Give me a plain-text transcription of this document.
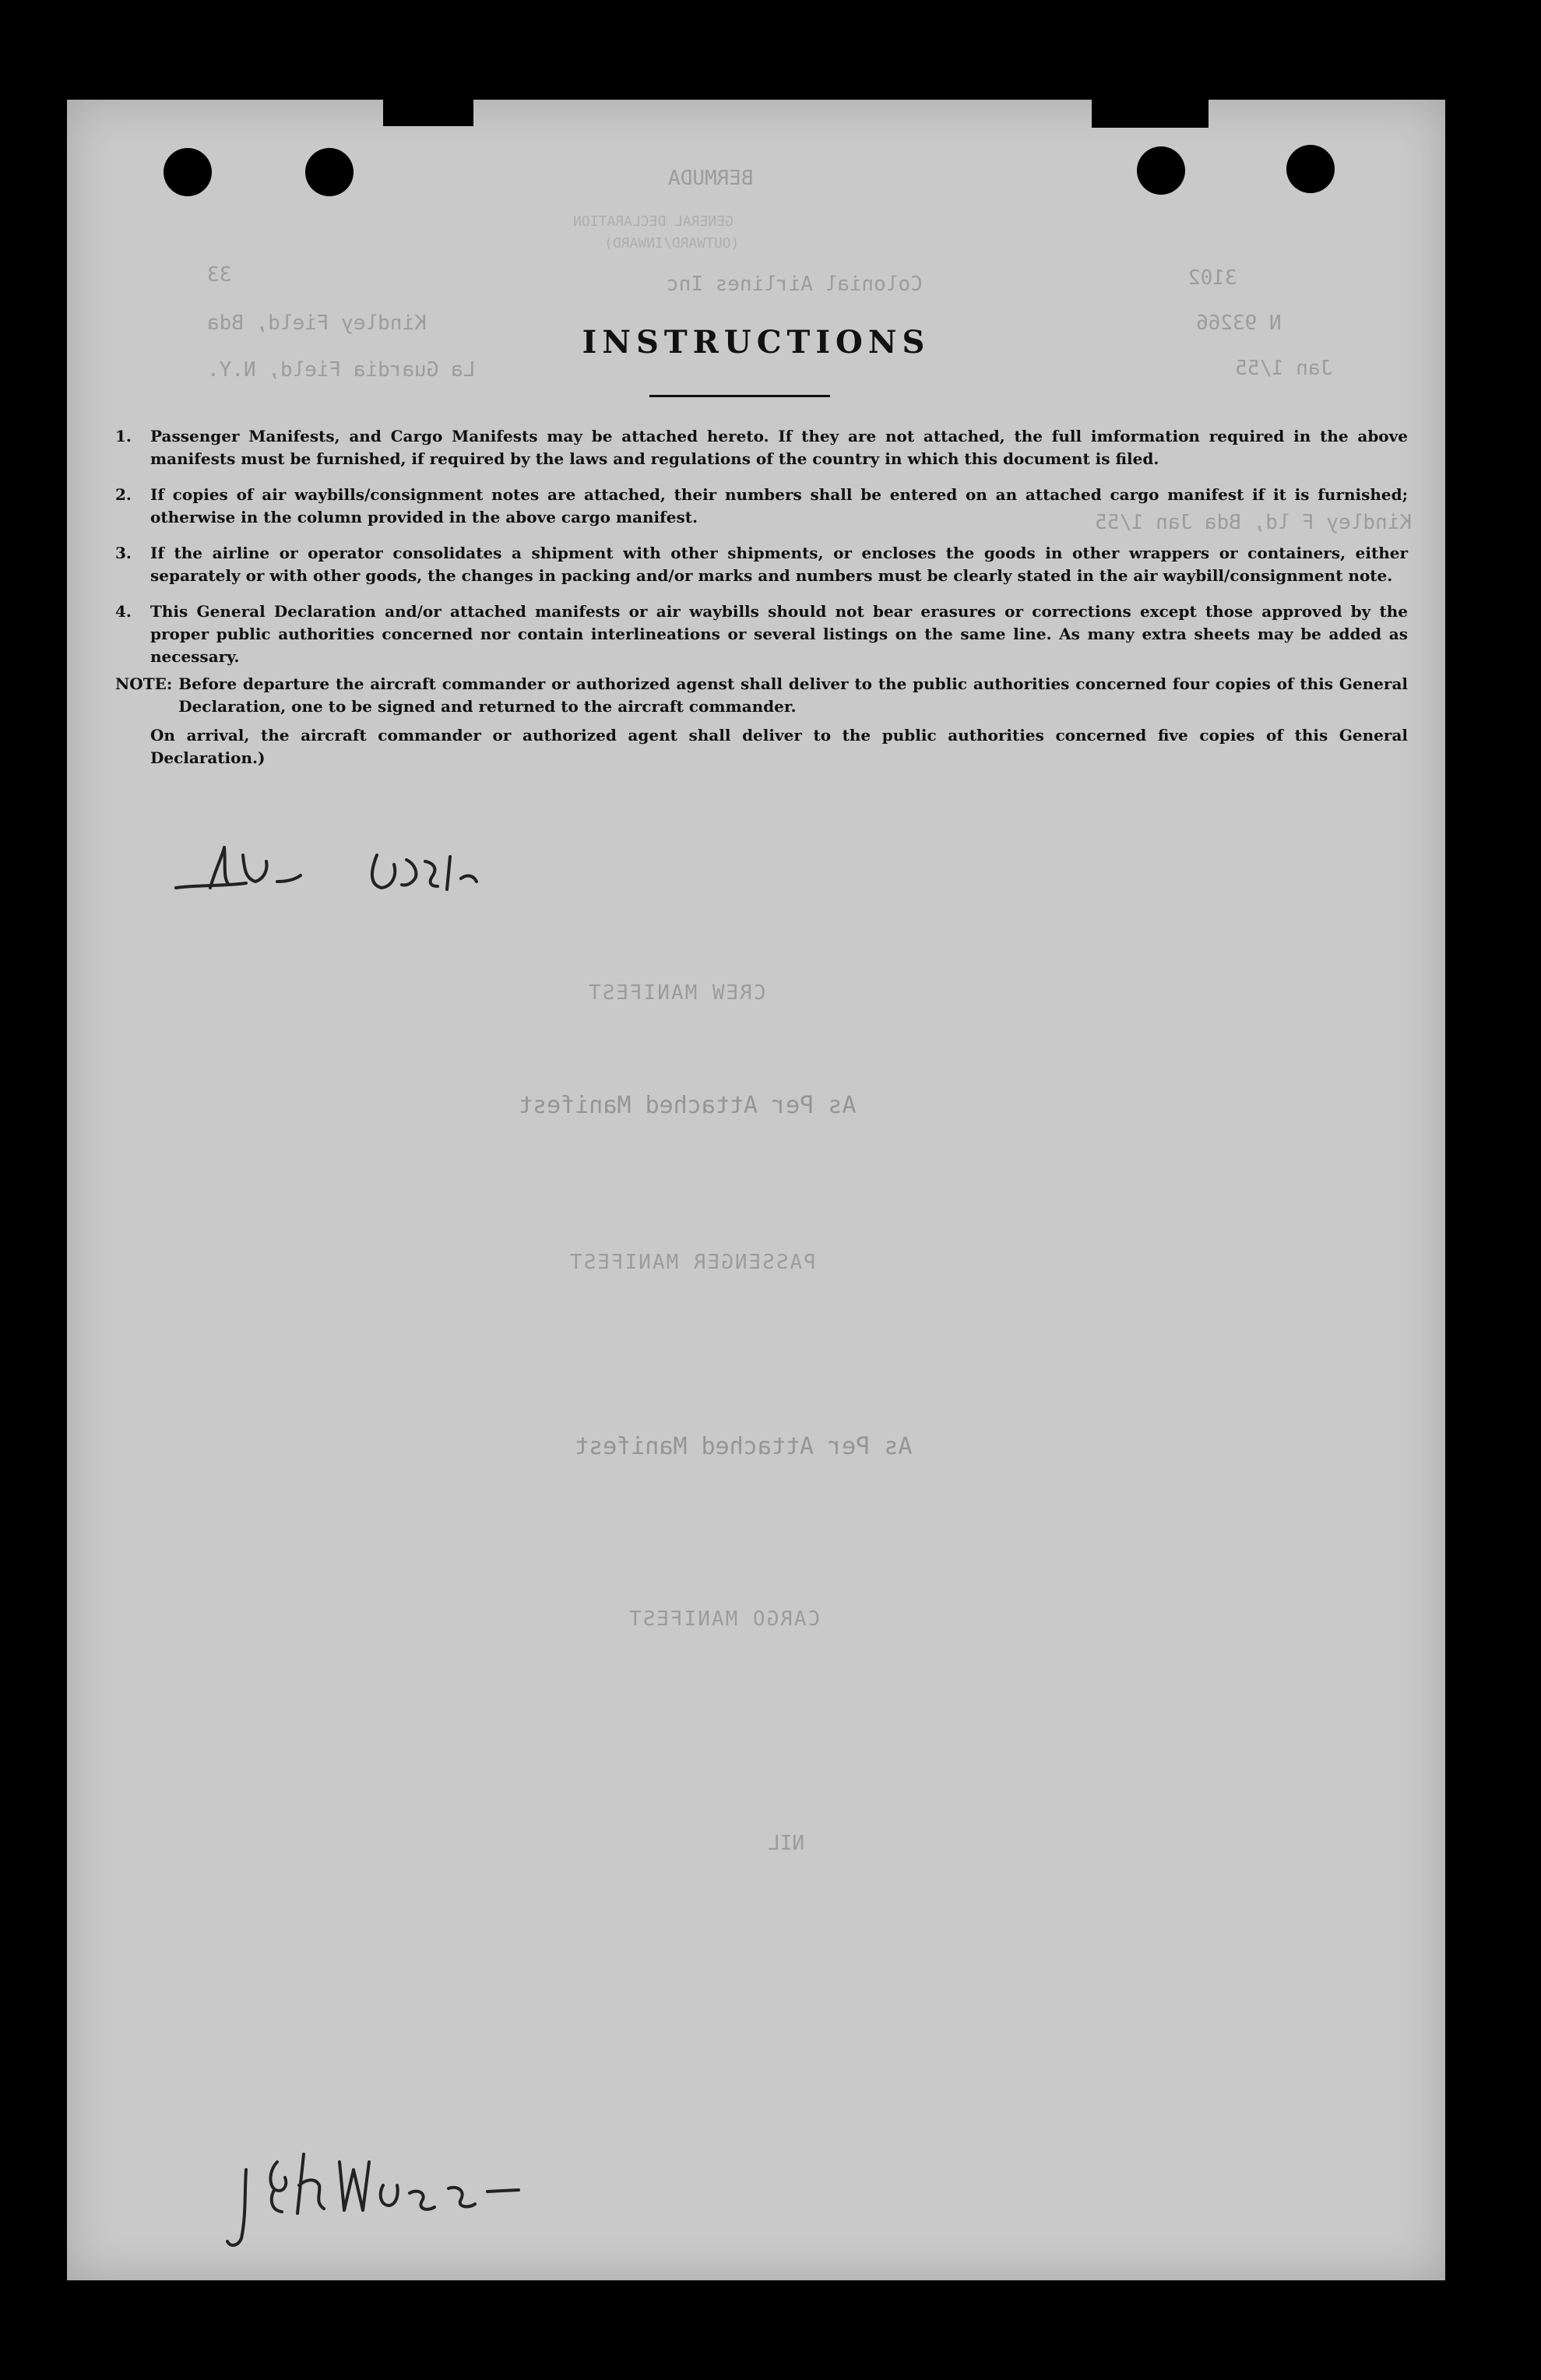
BERMUDA
GENERAL DECLARATION
(OUTWARD/INWARD)
Colonial Airlines Inc	3102
33
N 93266
Kindley Field, Bda
Jan 1/55
La Guardia Field, N.Y.
Kindley F ld, Bda Jan 1/55
CREW MANIFEST
As Per Attached Manifest
PASSENGER MANIFEST
As Per Attached Manifest
CARGO MANIFEST
NIL
INSTRUCTIONS
1.	Passenger Manifests, and Cargo Manifests may be attached hereto. If they are not attached, the full imformation required in the above manifests must be furnished, if required by the laws and regulations of the country in which this document is filed.
2.	If copies of air waybills/consignment notes are attached, their numbers shall be entered on an attached cargo manifest if it is furnished; otherwise in the column provided in the above cargo manifest.
3.	If the airline or operator consolidates a shipment with other shipments, or encloses the goods in other wrappers or containers, either separately or with other goods, the changes in packing and/or marks and numbers must be clearly stated in the air waybill/consignment note.
4.	This General Declaration and/or attached manifests or air waybills should not bear erasures or corrections except those approved by the proper public authorities concerned nor contain interlineations or several listings on the same line. As many extra sheets may be added as necessary.
NOTE: Before departure the aircraft commander or authorized agenst shall deliver to the public authorities concerned four copies of this General Declaration, one to be signed and returned to the aircraft commander.
On arrival, the aircraft commander or authorized agent shall deliver to the public authorities concerned five copies of this General Declaration.)
